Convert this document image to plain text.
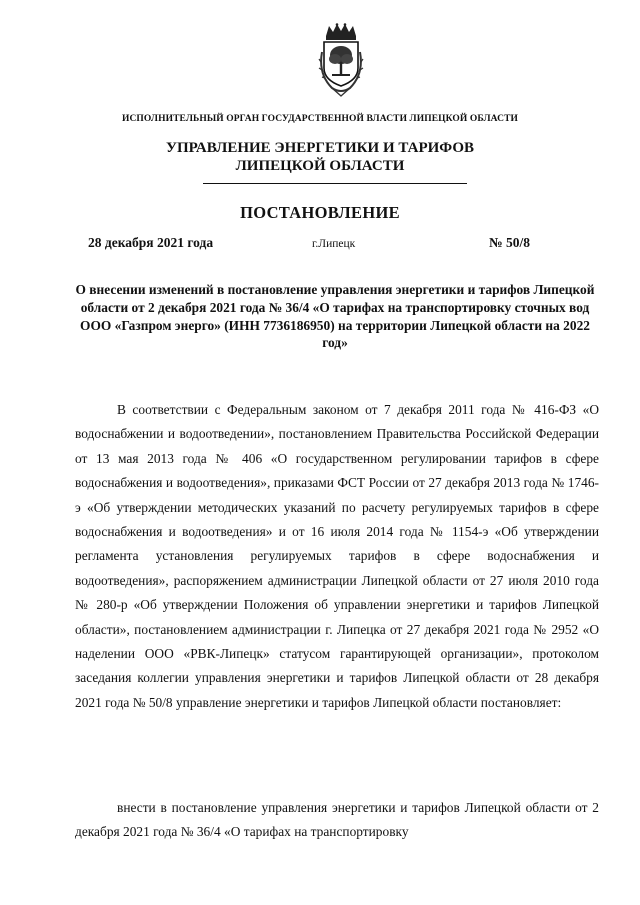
ИСПОЛНИТЕЛЬНЫЙ ОРГАН ГОСУДАРСТВЕННОЙ ВЛАСТИ ЛИПЕЦКОЙ ОБЛАСТИ
УПРАВЛЕНИЕ ЭНЕРГЕТИКИ И ТАРИФОВ
ЛИПЕЦКОЙ ОБЛАСТИ
ПОСТАНОВЛЕНИЕ
28 декабря 2021 года	г.Липецк	№ 50/8
О внесении изменений в постановление управления энергетики и тарифов Липецкой области от 2 декабря 2021 года № 36/4 «О тарифах на транспортировку сточных вод ООО «Газпром энерго» (ИНН 7736186950) на территории Липецкой области на 2022 год»

В соответствии с Федеральным законом от 7 декабря 2011 года № 416-ФЗ «О водоснабжении и водоотведении», постановлением Правительства Российской Федерации от 13 мая 2013 года № 406 «О государственном регулировании тарифов в сфере водоснабжения и водоотведения», приказами ФСТ России от 27 декабря 2013 года № 1746-э «Об утверждении методических указаний по расчету регулируемых тарифов в сфере водоснабжения и водоотведения» и от 16 июля 2014 года № 1154-э «Об утверждении регламента установления регулируемых тарифов в сфере водоснабжения и водоотведения», распоряжением администрации Липецкой области от 27 июля 2010 года № 280-р «Об утверждении Положения об управлении энергетики и тарифов Липецкой области», постановлением администрации г. Липецка от 27 декабря 2021 года № 2952 «О наделении ООО «РВК-Липецк» статусом гарантирующей организации», протоколом заседания коллегии управления энергетики и тарифов Липецкой области от 28 декабря 2021 года № 50/8 управление энергетики и тарифов Липецкой области постановляет:

внести в постановление управления энергетики и тарифов Липецкой области от 2 декабря 2021 года № 36/4 «О тарифах на транспортировку
